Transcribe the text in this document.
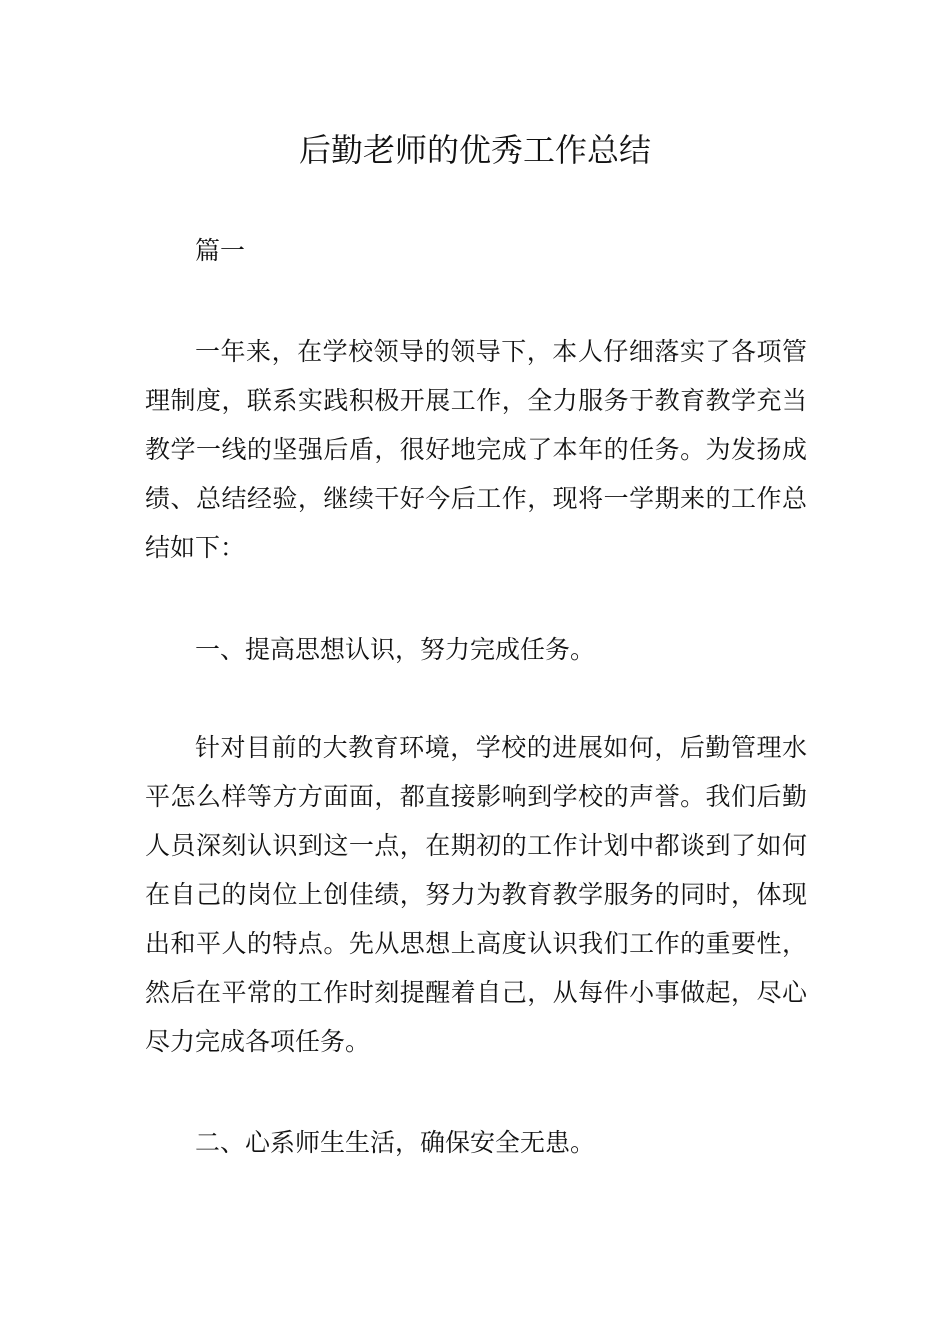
后勤老师的优秀工作总结

篇一

一年来，在学校领导的领导下，本人仔细落实了各项管理制度，联系实践积极开展工作，全力服务于教育教学充当教学一线的坚强后盾，很好地完成了本年的任务。为发扬成绩、总结经验，继续干好今后工作，现将一学期来的工作总结如下：

一、提高思想认识，努力完成任务。

针对目前的大教育环境，学校的进展如何，后勤管理水平怎么样等方方面面，都直接影响到学校的声誉。我们后勤人员深刻认识到这一点，在期初的工作计划中都谈到了如何在自己的岗位上创佳绩，努力为教育教学服务的同时，体现出和平人的特点。先从思想上高度认识我们工作的重要性，然后在平常的工作时刻提醒着自己，从每件小事做起，尽心尽力完成各项任务。

二、心系师生生活，确保安全无患。
